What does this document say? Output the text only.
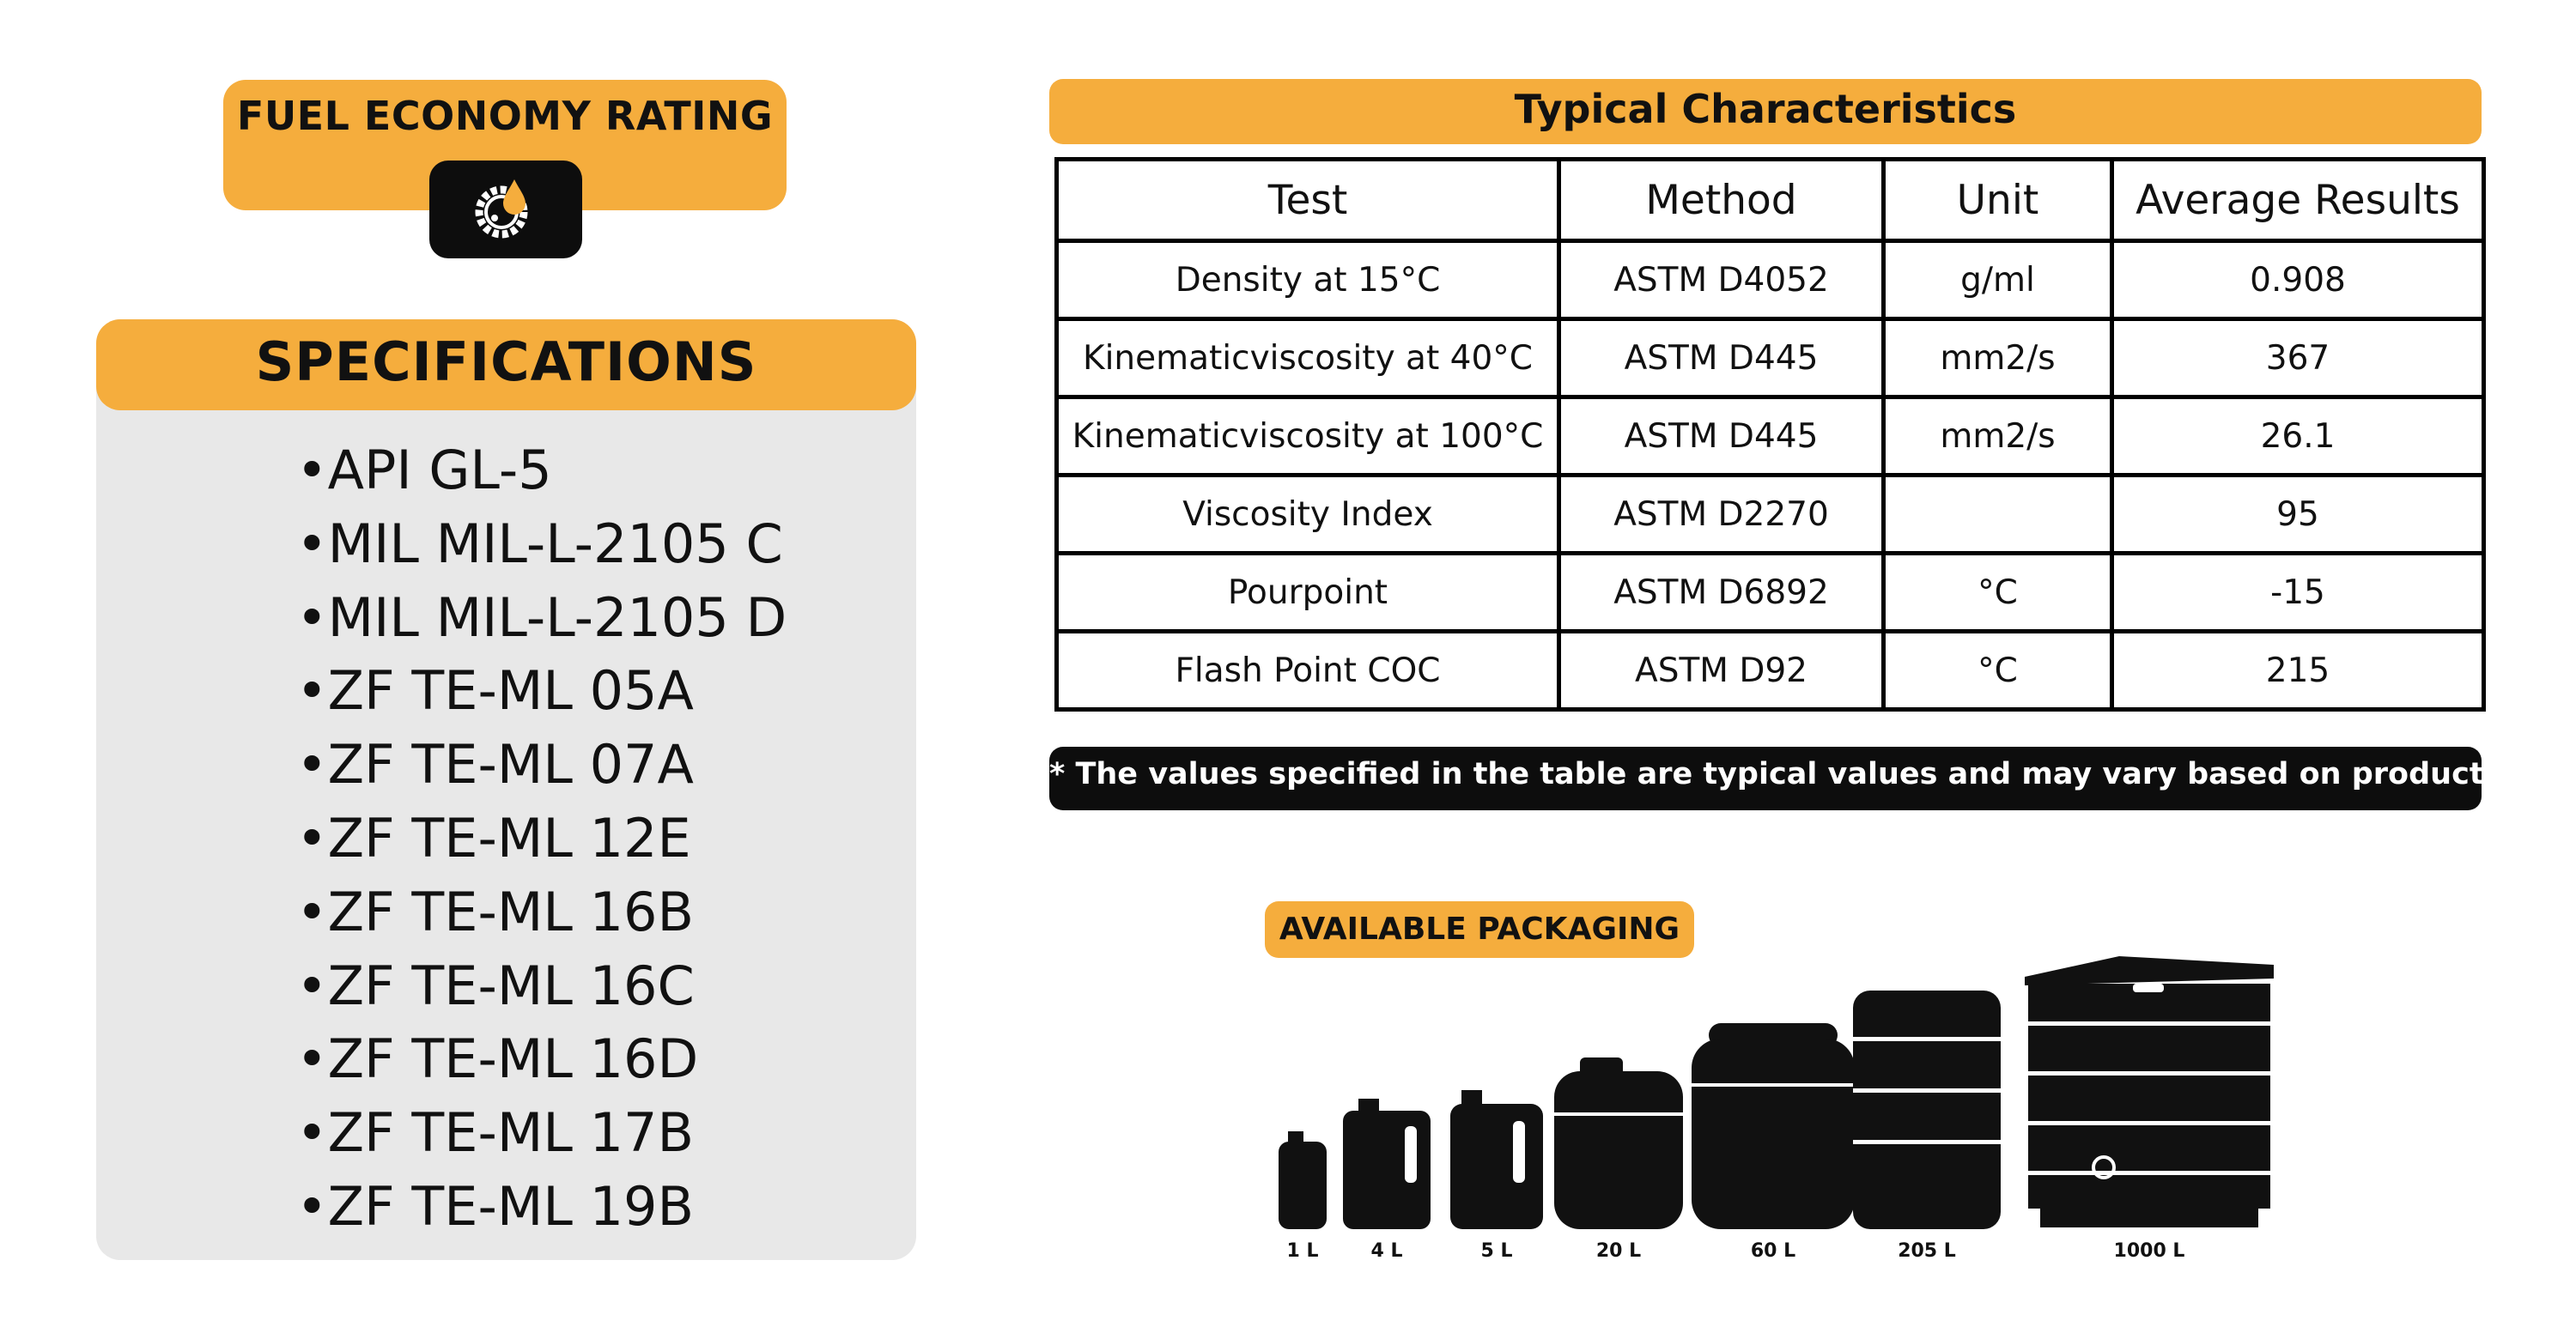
FUEL ECONOMY RATING
SPECIFICATIONS
•API GL-5
•MIL MIL-L-2105 C
•MIL MIL-L-2105 D
•ZF TE-ML 05A
•ZF TE-ML 07A
•ZF TE-ML 12E
•ZF TE-ML 16B
•ZF TE-ML 16C
•ZF TE-ML 16D
•ZF TE-ML 17B
•ZF TE-ML 19B
Typical Characteristics
Test	Method	Unit	Average Results
Density at 15°C	ASTM D4052	g/ml	0.908
Kinematicviscosity at 40°C	ASTM D445	mm2/s	367
Kinematicviscosity at 100°C	ASTM D445	mm2/s	26.1
Viscosity Index	ASTM D2270		95
Pourpoint	ASTM D6892	°C	-15
Flash Point COC	ASTM D92	°C	215
* The values specified in the table are typical values and may vary based on production.
AVAILABLE PACKAGING
1 L	4 L	5 L	20 L	60 L	205 L	1000 L
